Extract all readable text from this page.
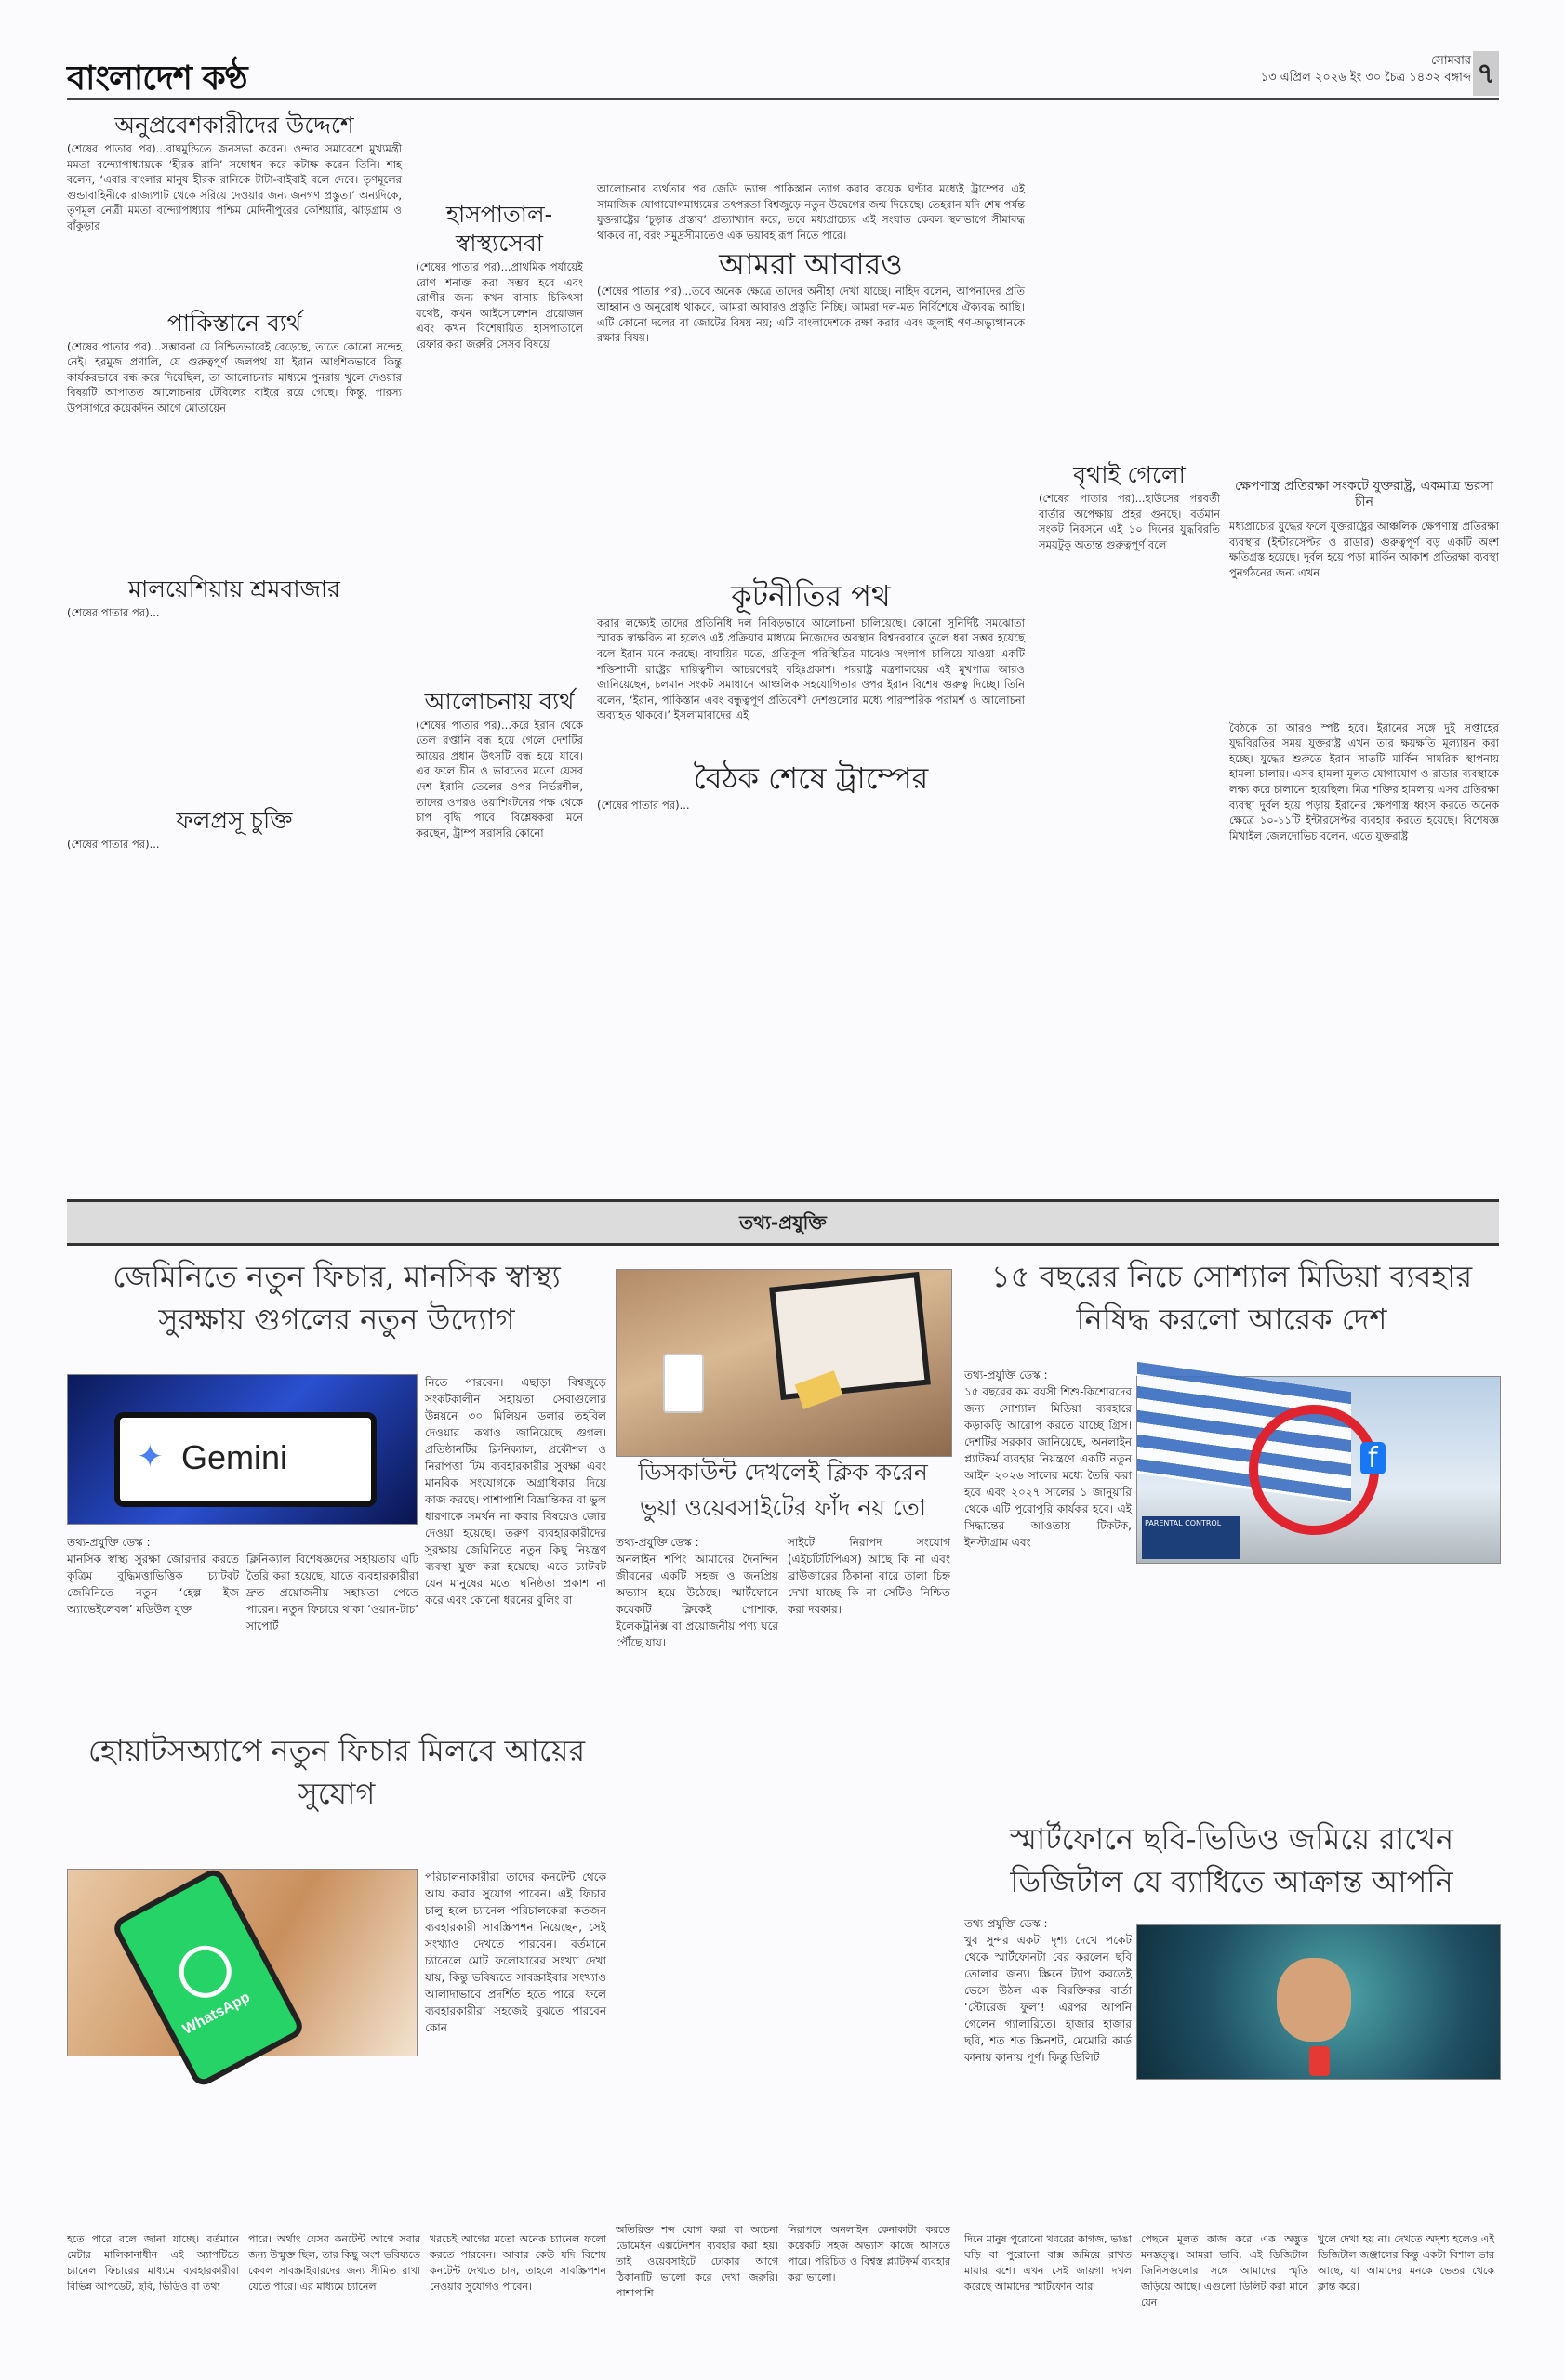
বাংলাদেশ কণ্ঠ	সোমবার
১৩ এপ্রিল ২০২৬ ইং ৩০ চৈত্র ১৪৩২ বঙ্গাব্দ ৭
অনুপ্রবেশকারীদের উদ্দেশে

(শেষের পাতার পর)...বাঘমুন্ডিতে জনসভা করেন। ওন্দার সমাবেশে মুখ্যমন্ত্রী মমতা বন্দ্যোপাধ্যায়কে ‘হীরক রানি’ সম্বোধন করে কটাক্ষ করেন তিনি। শাহ বলেন, ‘এবার বাংলার মানুষ হীরক রানিকে টাটা-বাইবাই বলে দেবে। তৃণমূলের গুন্ডাবাহিনীকে রাজ্যপাট থেকে সরিয়ে দেওয়ার জন্য জনগণ প্রস্তুত।’ অন্যদিকে, তৃণমূল নেত্রী মমতা বন্দ্যোপাধ্যায় পশ্চিম মেদিনীপুরের কেশিয়ারি, ঝাড়গ্রাম ও বাঁকুড়ার

পাকিস্তানে ব্যর্থ

(শেষের পাতার পর)...সম্ভাবনা যে নিশ্চিতভাবেই বেড়েছে, তাতে কোনো সন্দেহ নেই। হরমুজ প্রণালি, যে গুরুত্বপূর্ণ জলপথ যা ইরান আংশিকভাবে কিন্তু কার্যকরভাবে বন্ধ করে দিয়েছিল, তা আলোচনার মাধ্যমে পুনরায় খুলে দেওয়ার বিষয়টি আপাতত আলোচনার টেবিলের বাইরে রয়ে গেছে। কিন্তু, পারস্য উপসাগরে কয়েকদিন আগে মোতায়েন

মালয়েশিয়ায় শ্রমবাজার

(শেষের পাতার পর)...

ফলপ্রসূ চুক্তি

(শেষের পাতার পর)...

হাসপাতাল-স্বাস্থ্যসেবা

(শেষের পাতার পর)...প্রাথমিক পর্যায়েই রোগ শনাক্ত করা সম্ভব হবে এবং রোগীর জন্য কখন বাসায় চিকিৎসা যথেষ্ট, কখন আইসোলেশন প্রয়োজন এবং কখন বিশেষায়িত হাসপাতালে রেফার করা জরুরি সেসব বিষয়ে

আলোচনায় ব্যর্থ

(শেষের পাতার পর)...করে ইরান থেকে তেল রপ্তানি বন্ধ হয়ে গেলে দেশটির আয়ের প্রধান উৎসটি বন্ধ হয়ে যাবে। এর ফলে চীন ও ভারতের মতো যেসব দেশ ইরানি তেলের ওপর নির্ভরশীল, তাদের ওপরও ওয়াশিংটনের পক্ষ থেকে চাপ বৃদ্ধি পাবে। বিশ্লেষকরা মনে করছেন, ট্রাম্প সরাসরি কোনো

আলোচনার ব্যর্থতার পর জেডি ভ্যান্স পাকিস্তান ত্যাগ করার কয়েক ঘণ্টার মধ্যেই ট্রাম্পের এই সামাজিক যোগাযোগমাধ্যমের তৎপরতা বিশ্বজুড়ে নতুন উদ্বেগের জন্ম দিয়েছে। তেহরান যদি শেষ পর্যন্ত যুক্তরাষ্ট্রের ‘চূড়ান্ত প্রস্তাব’ প্রত্যাখ্যান করে, তবে মধ্যপ্রাচ্যের এই সংঘাত কেবল স্থলভাগে সীমাবদ্ধ থাকবে না, বরং সমুদ্রসীমাতেও এক ভয়াবহ রূপ নিতে পারে।

আমরা আবারও

(শেষের পাতার পর)...তবে অনেক ক্ষেত্রে তাদের অনীহা দেখা যাচ্ছে। নাহিদ বলেন, আপনাদের প্রতি আহ্বান ও অনুরোধ থাকবে, আমরা আবারও প্রস্তুতি নিচ্ছি। আমরা দল-মত নির্বিশেষে ঐক্যবদ্ধ আছি। এটি কোনো দলের বা জোটের বিষয় নয়; এটি বাংলাদেশকে রক্ষা করার এবং জুলাই গণ-অভ্যুত্থানকে রক্ষার বিষয়।

কূটনীতির পথ

করার লক্ষ্যেই তাদের প্রতিনিধি দল নিবিড়ভাবে আলোচনা চালিয়েছে। কোনো সুনির্দিষ্ট সমঝোতা স্মারক স্বাক্ষরিত না হলেও এই প্রক্রিয়ার মাধ্যমে নিজেদের অবস্থান বিশ্বদরবারে তুলে ধরা সম্ভব হয়েছে বলে ইরান মনে করছে। বাঘায়ির মতে, প্রতিকূল পরিস্থিতির মাঝেও সংলাপ চালিয়ে যাওয়া একটি শক্তিশালী রাষ্ট্রের দায়িত্বশীল আচরণেরই বহিঃপ্রকাশ। পররাষ্ট্র মন্ত্রণালয়ের এই মুখপাত্র আরও জানিয়েছেন, চলমান সংকট সমাধানে আঞ্চলিক সহযোগিতার ওপর ইরান বিশেষ গুরুত্ব দিচ্ছে। তিনি বলেন, ‘ইরান, পাকিস্তান এবং বন্ধুত্বপূর্ণ প্রতিবেশী দেশগুলোর মধ্যে পারস্পরিক পরামর্শ ও আলোচনা অব্যাহত থাকবে।’ ইসলামাবাদের এই

বৈঠক শেষে ট্রাম্পের

(শেষের পাতার পর)...

বৃথাই গেলো

(শেষের পাতার পর)...হাউসের পরবর্তী বার্তার অপেক্ষায় প্রহর গুনছে। বর্তমান সংকট নিরসনে এই ১০ দিনের যুদ্ধবিরতি সময়টুকু অত্যন্ত গুরুত্বপূর্ণ বলে

ক্ষেপণাস্ত্র প্রতিরক্ষা সংকটে যুক্তরাষ্ট্র, একমাত্র ভরসা চীন

মধ্যপ্রাচ্যের যুদ্ধের ফলে যুক্তরাষ্ট্রের আঞ্চলিক ক্ষেপণাস্ত্র প্রতিরক্ষা ব্যবস্থার (ইন্টারসেপ্টর ও রাডার) গুরুত্বপূর্ণ বড় একটি অংশ ক্ষতিগ্রস্ত হয়েছে। দুর্বল হয়ে পড়া মার্কিন আকাশ প্রতিরক্ষা ব্যবস্থা পুনর্গঠনের জন্য এখন

বৈঠকে তা আরও স্পষ্ট হবে। ইরানের সঙ্গে দুই সপ্তাহের যুদ্ধবিরতির সময় যুক্তরাষ্ট্র এখন তার ক্ষয়ক্ষতি মূল্যায়ন করা হচ্ছে। যুদ্ধের শুরুতে ইরান সাতটি মার্কিন সামরিক স্থাপনায় হামলা চালায়। এসব হামলা মূলত যোগাযোগ ও রাডার ব্যবস্থাকে লক্ষ্য করে চালানো হয়েছিল। মিত্র শক্তির হামলায় এসব প্রতিরক্ষা ব্যবস্থা দুর্বল হয়ে পড়ায় ইরানের ক্ষেপণাস্ত্র ধ্বংস করতে অনেক ক্ষেত্রে ১০-১১টি ইন্টারসেপ্টর ব্যবহার করতে হয়েছে। বিশেষজ্ঞ মিখাইল জেলদোভিচ বলেন, এতে যুক্তরাষ্ট্র

তথ্য-প্রযুক্তি
জেমিনিতে নতুন ফিচার, মানসিক স্বাস্থ্য সুরক্ষায় গুগলের নতুন উদ্যোগ
✦ Gemini

নিতে পারবেন। এছাড়া বিশ্বজুড়ে সংকটকালীন সহায়তা সেবাগুলোর উন্নয়নে ৩০ মিলিয়ন ডলার তহবিল দেওয়ার কথাও জানিয়েছে গুগল। প্রতিষ্ঠানটির ক্লিনিক্যাল, প্রকৌশল ও নিরাপত্তা টিম ব্যবহারকারীর সুরক্ষা এবং মানবিক সংযোগকে অগ্রাধিকার দিয়ে কাজ করছে। পাশাপাশি বিভ্রান্তিকর বা ভুল ধারণাকে সমর্থন না করার বিষয়েও জোর দেওয়া হয়েছে। তরুণ ব্যবহারকারীদের সুরক্ষায় জেমিনিতে নতুন কিছু নিয়ন্ত্রণ ব্যবস্থা যুক্ত করা হয়েছে। এতে চ্যাটবট যেন মানুষের মতো ঘনিষ্ঠতা প্রকাশ না করে এবং কোনো ধরনের বুলিং বা

তথ্য-প্রযুক্তি ডেস্ক :

মানসিক স্বাস্থ্য সুরক্ষা জোরদার করতে কৃত্রিম বুদ্ধিমত্তাভিত্তিক চ্যাটবট জেমিনিতে নতুন ‘হেল্প ইজ অ্যাভেইলেবল’ মডিউল যুক্ত

ক্লিনিক্যাল বিশেষজ্ঞদের সহায়তায় এটি তৈরি করা হয়েছে, যাতে ব্যবহারকারীরা দ্রুত প্রয়োজনীয় সহায়তা পেতে পারেন। নতুন ফিচারে থাকা ‘ওয়ান-টাচ’ সাপোর্ট

ডিসকাউন্ট দেখলেই ক্লিক করেন ভুয়া ওয়েবসাইটের ফাঁদ নয় তো

তথ্য-প্রযুক্তি ডেস্ক :

অনলাইন শপিং আমাদের দৈনন্দিন জীবনের একটি সহজ ও জনপ্রিয় অভ্যাস হয়ে উঠেছে। স্মার্টফোনে কয়েকটি ক্লিকেই পোশাক, ইলেকট্রনিক্স বা প্রয়োজনীয় পণ্য ঘরে পৌঁছে যায়।

সাইটে নিরাপদ সংযোগ (এইচটিটিপিএস) আছে কি না এবং ব্রাউজারের ঠিকানা বারে তালা চিহ্ন দেখা যাচ্ছে কি না সেটিও নিশ্চিত করা দরকার।

অতিরিক্ত শব্দ যোগ করা বা অচেনা ডোমেইন এক্সটেনশন ব্যবহার করা হয়। তাই ওয়েবসাইটে ঢোকার আগে ঠিকানাটি ভালো করে দেখা জরুরি। পাশাপাশি

নিরাপদে অনলাইন কেনাকাটা করতে কয়েকটি সহজ অভ্যাস কাজে আসতে পারে। পরিচিত ও বিশ্বস্ত প্ল্যাটফর্ম ব্যবহার করা ভালো।

১৫ বছরের নিচে সোশ্যাল মিডিয়া ব্যবহার নিষিদ্ধ করলো আরেক দেশ

তথ্য-প্রযুক্তি ডেস্ক :

১৫ বছরের কম বয়সী শিশু-কিশোরদের জন্য সোশ্যাল মিডিয়া ব্যবহারে কড়াকড়ি আরোপ করতে যাচ্ছে গ্রিস। দেশটির সরকার জানিয়েছে, অনলাইন প্ল্যাটফর্ম ব্যবহার নিয়ন্ত্রণে একটি নতুন আইন ২০২৬ সালের মধ্যে তৈরি করা হবে এবং ২০২৭ সালের ১ জানুয়ারি থেকে এটি পুরোপুরি কার্যকর হবে। এই সিদ্ধান্তের আওতায় টিকটক, ইনস্টাগ্রাম এবং

f
PARENTAL CONTROL
হোয়াটসঅ্যাপে নতুন ফিচার মিলবে আয়ের সুযোগ
WhatsApp

পরিচালনাকারীরা তাদের কনটেন্ট থেকে আয় করার সুযোগ পাবেন। এই ফিচার চালু হলে চ্যানেল পরিচালকেরা কতজন ব্যবহারকারী সাবস্ক্রিপশন নিয়েছেন, সেই সংখ্যাও দেখতে পারবেন। বর্তমানে চ্যানেলে মোট ফলোয়ারের সংখ্যা দেখা যায়, কিন্তু ভবিষ্যতে সাবস্ক্রাইবার সংখ্যাও আলাদাভাবে প্রদর্শিত হতে পারে। ফলে ব্যবহারকারীরা সহজেই বুঝতে পারবেন কোন

হতে পারে বলে জানা যাচ্ছে। বর্তমানে মেটার মালিকানাধীন এই অ্যাপটিতে চ্যানেল ফিচারের মাধ্যমে ব্যবহারকারীরা বিভিন্ন আপডেট, ছবি, ভিডিও বা তথ্য

পারে। অর্থাৎ যেসব কনটেন্ট আগে সবার জন্য উন্মুক্ত ছিল, তার কিছু অংশ ভবিষ্যতে কেবল সাবস্ক্রাইবারদের জন্য সীমিত রাখা যেতে পারে। এর মাধ্যমে চ্যানেল

খরচেই আগের মতো অনেক চ্যানেল ফলো করতে পারবেন। আবার কেউ যদি বিশেষ কনটেন্ট দেখতে চান, তাহলে সাবস্ক্রিপশন নেওয়ার সুযোগও পাবেন।

স্মার্টফোনে ছবি-ভিডিও জমিয়ে রাখেন ডিজিটাল যে ব্যাধিতে আক্রান্ত আপনি

তথ্য-প্রযুক্তি ডেস্ক :

খুব সুন্দর একটা দৃশ্য দেখে পকেট থেকে স্মার্টফোনটা বের করলেন ছবি তোলার জন্য। স্ক্রিনে ট্যাপ করতেই ভেসে উঠল এক বিরক্তিকর বার্তা ‘স্টোরেজ ফুল’! এরপর আপনি গেলেন গ্যালারিতে। হাজার হাজার ছবি, শত শত স্ক্রিনশট, মেমোরি কার্ড কানায় কানায় পূর্ণ। কিন্তু ডিলিট

দিনে মানুষ পুরোনো খবরের কাগজ, ভাঙা ঘড়ি বা পুরোনো বাক্স জমিয়ে রাখত মায়ার বশে। এখন সেই জায়গা দখল করেছে আমাদের স্মার্টফোন আর

পেছনে মূলত কাজ করে এক অদ্ভুত মনস্তত্ত্ব। আমরা ভাবি, এই ডিজিটাল জিনিসগুলোর সঙ্গে আমাদের স্মৃতি জড়িয়ে আছে। এগুলো ডিলিট করা মানে যেন

খুলে দেখা হয় না। দেখতে অদৃশ্য হলেও এই ডিজিটাল জঞ্জালের কিন্তু একটা বিশাল ভার আছে, যা আমাদের মনকে ভেতর থেকে ক্লান্ত করে।
